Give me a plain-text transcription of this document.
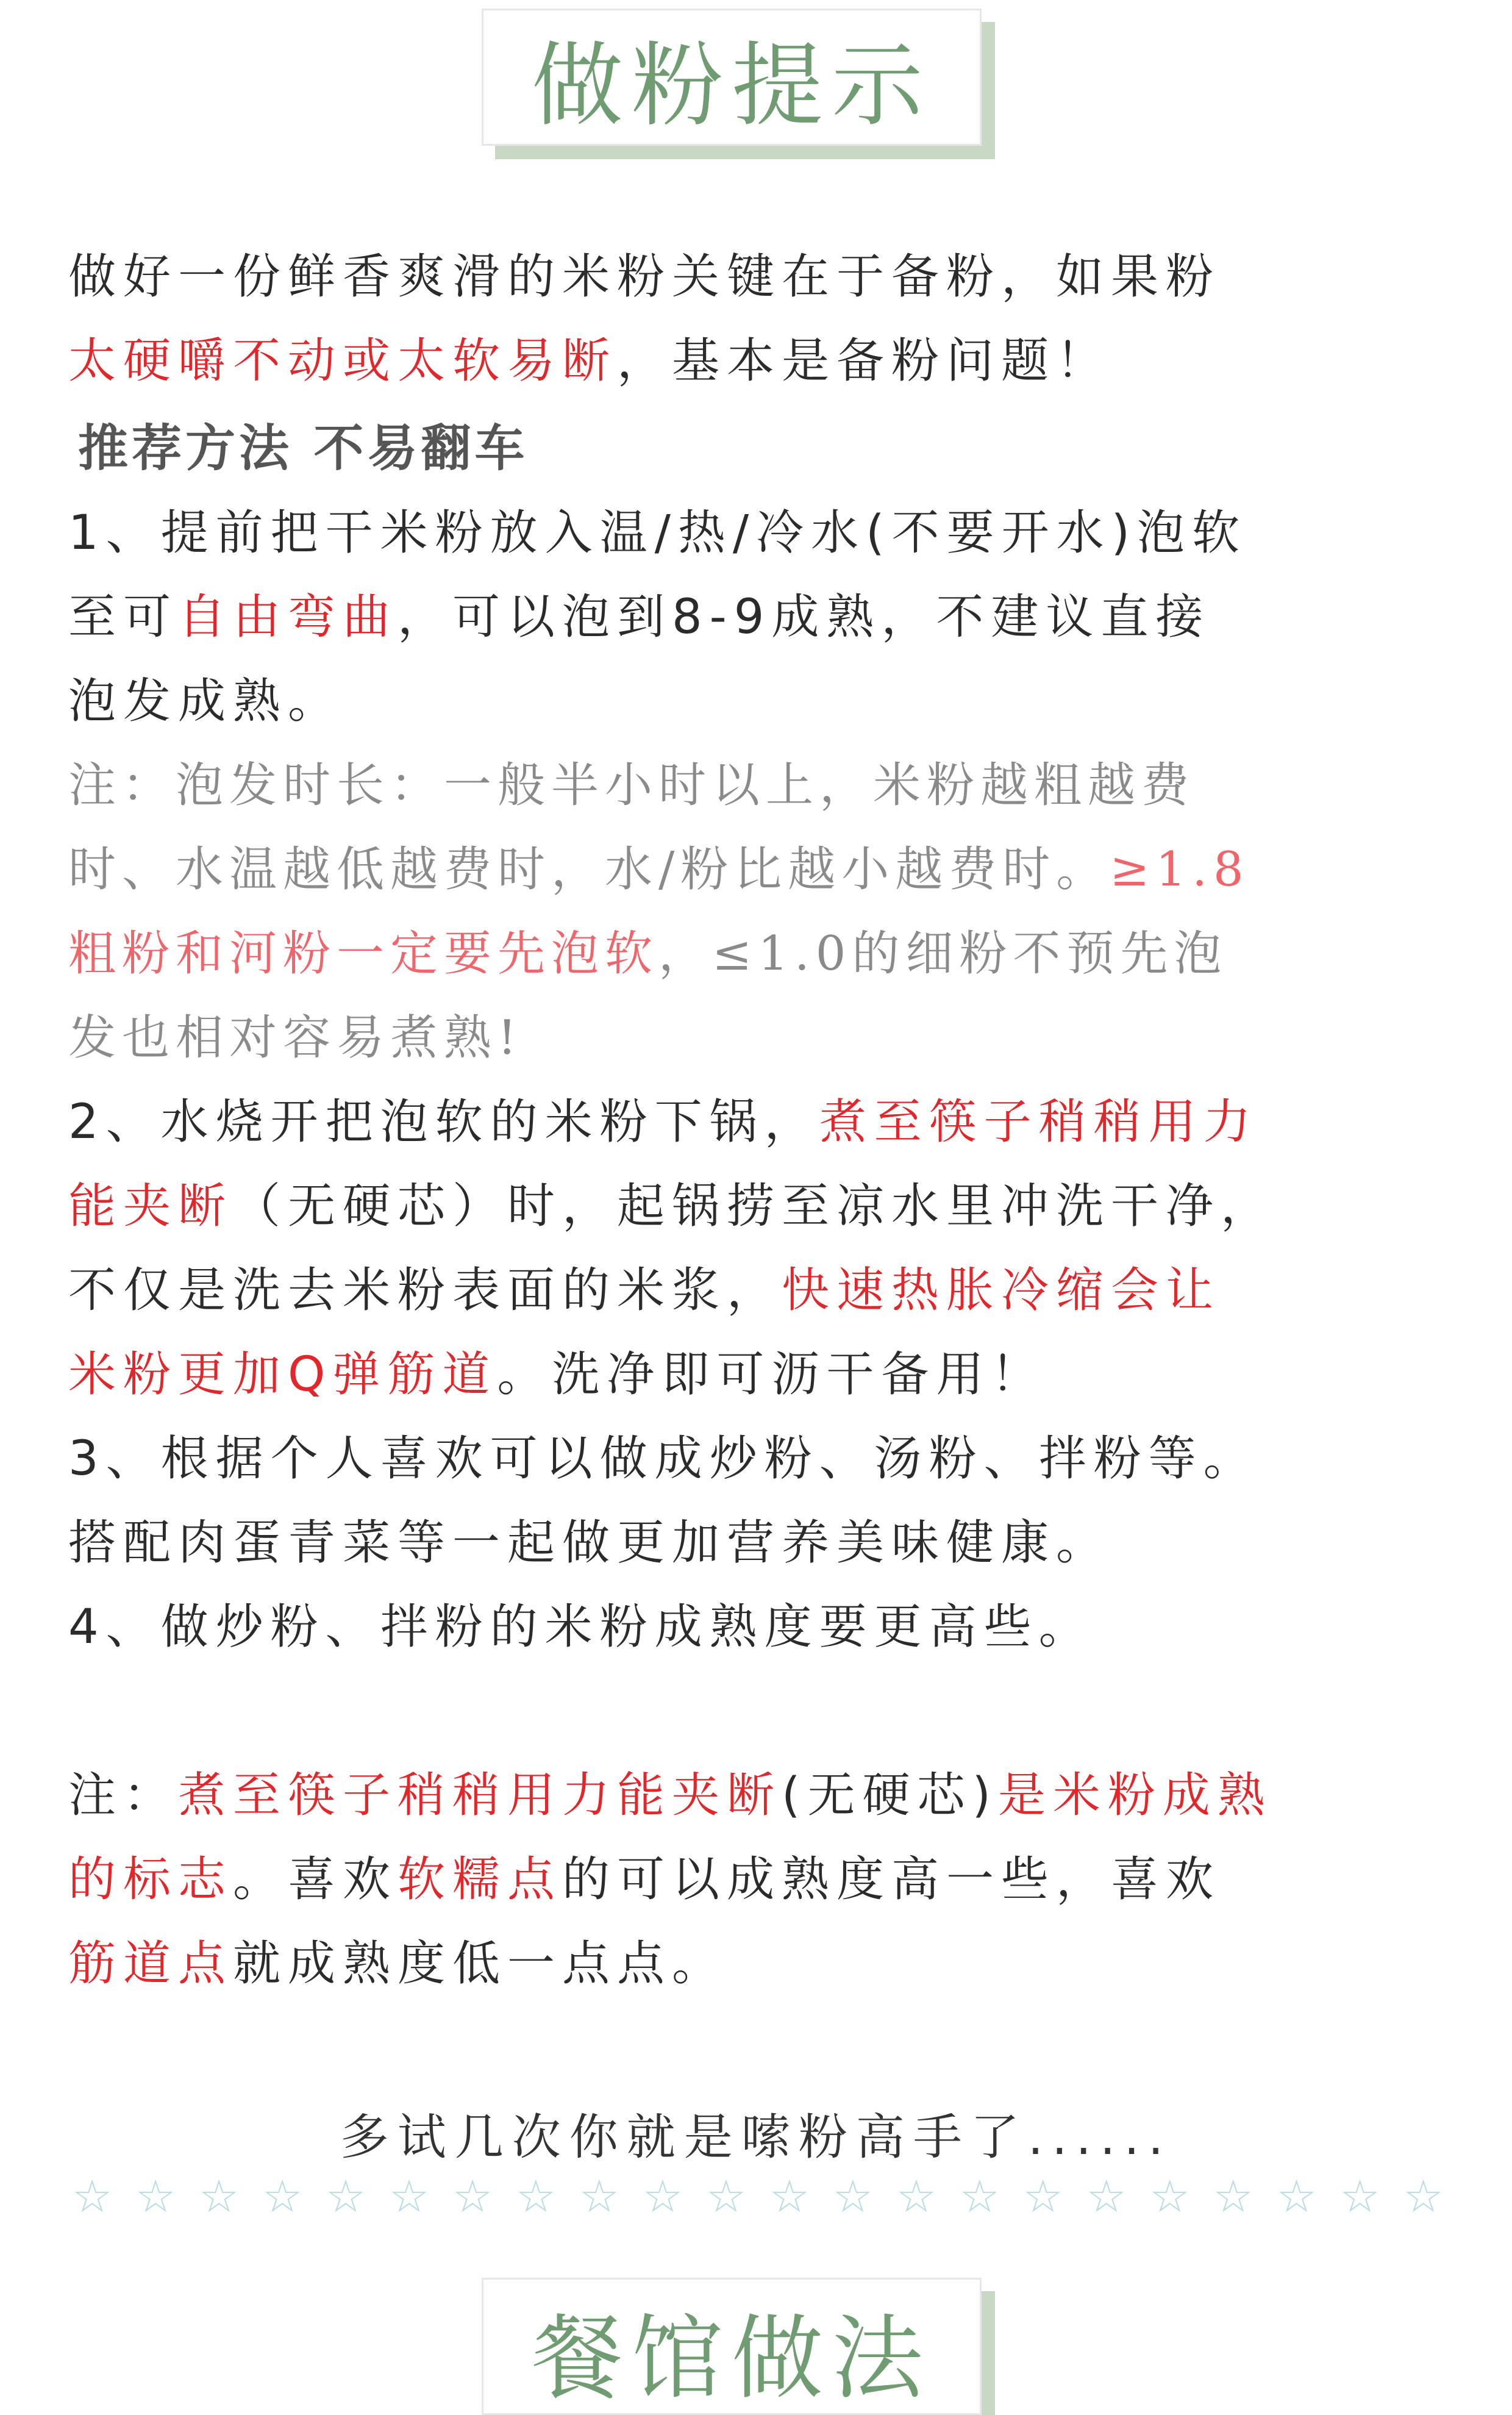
做粉提示

做好一份鲜香爽滑的米粉关键在于备粉，如果粉
太硬嚼不动或太软易断，基本是备粉问题！

推荐方法 不易翻车

1、提前把干米粉放入温/热/冷水(不要开水)泡软
至可自由弯曲，可以泡到8-9成熟，不建议直接
泡发成熟。

注：泡发时长：一般半小时以上，米粉越粗越费
时、水温越低越费时，水/粉比越小越费时。≥1.8
粗粉和河粉一定要先泡软，≤1.0的细粉不预先泡
发也相对容易煮熟!

2、水烧开把泡软的米粉下锅，煮至筷子稍稍用力
能夹断（无硬芯）时，起锅捞至凉水里冲洗干净，
不仅是洗去米粉表面的米浆，快速热胀冷缩会让
米粉更加Q弹筋道。洗净即可沥干备用！

3、根据个人喜欢可以做成炒粉、汤粉、拌粉等。
搭配肉蛋青菜等一起做更加营养美味健康。

4、做炒粉、拌粉的米粉成熟度要更高些。

注：煮至筷子稍稍用力能夹断(无硬芯)是米粉成熟
的标志。喜欢软糯点的可以成熟度高一些，喜欢
筋道点就成熟度低一点点。

多试几次你就是嗦粉高手了......
☆ ☆ ☆ ☆ ☆ ☆ ☆ ☆ ☆ ☆ ☆ ☆ ☆ ☆ ☆ ☆ ☆ ☆ ☆ ☆ ☆ ☆
餐馆做法
